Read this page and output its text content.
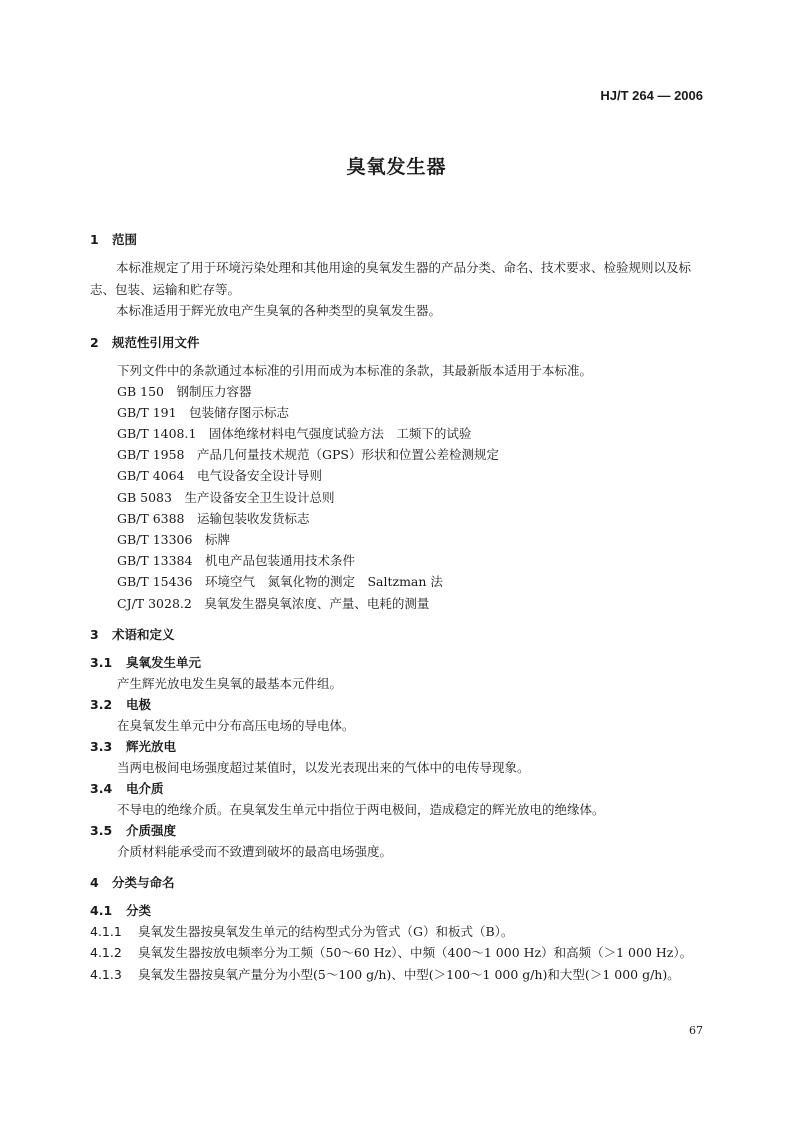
HJ/T 264 — 2006
臭氧发生器
1 范围
本标准规定了用于环境污染处理和其他用途的臭氧发生器的产品分类、命名、技术要求、检验规则以及标志、包装、运输和贮存等。
本标准适用于辉光放电产生臭氧的各种类型的臭氧发生器。
2 规范性引用文件
下列文件中的条款通过本标准的引用而成为本标准的条款，其最新版本适用于本标准。
GB 150　钢制压力容器
GB/T 191　包装储存图示标志
GB/T 1408.1　固体绝缘材料电气强度试验方法　工频下的试验
GB/T 1958　产品几何量技术规范（GPS）形状和位置公差检测规定
GB/T 4064　电气设备安全设计导则
GB 5083　生产设备安全卫生设计总则
GB/T 6388　运输包装收发货标志
GB/T 13306　标牌
GB/T 13384　机电产品包装通用技术条件
GB/T 15436　环境空气　氮氧化物的测定　Saltzman 法
CJ/T 3028.2　臭氧发生器臭氧浓度、产量、电耗的测量
3 术语和定义
3.1 臭氧发生单元
产生辉光放电发生臭氧的最基本元件组。
3.2 电极
在臭氧发生单元中分布高压电场的导电体。
3.3 辉光放电
当两电极间电场强度超过某值时，以发光表现出来的气体中的电传导现象。
3.4 电介质
不导电的绝缘介质。在臭氧发生单元中指位于两电极间，造成稳定的辉光放电的绝缘体。
3.5 介质强度
介质材料能承受而不致遭到破坏的最高电场强度。
4 分类与命名
4.1 分类
4.1.1 臭氧发生器按臭氧发生单元的结构型式分为管式（G）和板式（B）。
4.1.2 臭氧发生器按放电频率分为工频（50～60 Hz）、中频（400～1 000 Hz）和高频（＞1 000 Hz）。
4.1.3 臭氧发生器按臭氧产量分为小型(5～100 g/h)、中型(＞100～1 000 g/h)和大型(＞1 000 g/h)。
67
